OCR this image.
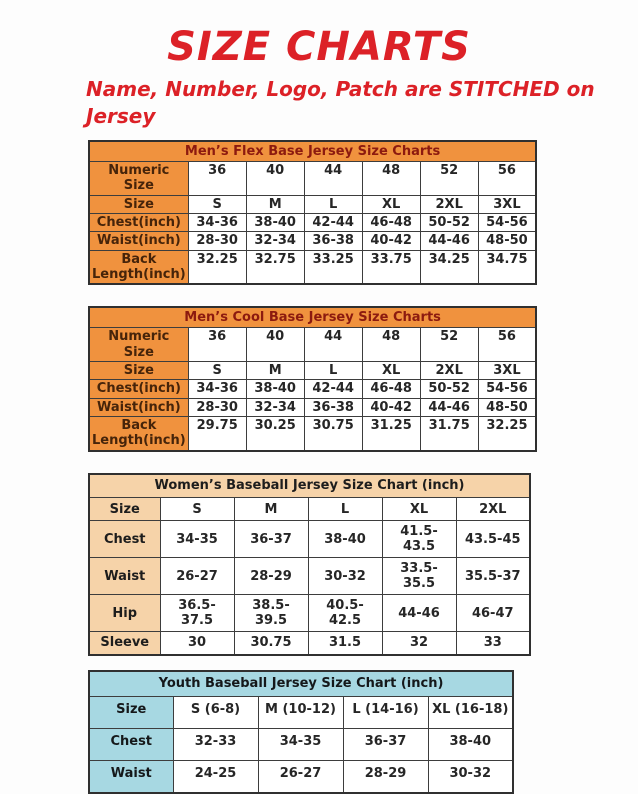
SIZE CHARTS
Name, Number, Logo, Patch are STITCHED on Jersey
Men’s Flex Base Jersey Size Charts						
Numeric Size	36	40	44	48	52	56
Size	S	M	L	XL	2XL	3XL
Chest(inch)	34-36	38-40	42-44	46-48	50-52	54-56
Waist(inch)	28-30	32-34	36-38	40-42	44-46	48-50
Back Length(inch)	32.25	32.75	33.25	33.75	34.25	34.75
Men’s Cool Base Jersey Size Charts						
Numeric Size	36	40	44	48	52	56
Size	S	M	L	XL	2XL	3XL
Chest(inch)	34-36	38-40	42-44	46-48	50-52	54-56
Waist(inch)	28-30	32-34	36-38	40-42	44-46	48-50
Back Length(inch)	29.75	30.25	30.75	31.25	31.75	32.25
Women’s Baseball Jersey Size Chart (inch)					
Size	S	M	L	XL	2XL
Chest	34-35	36-37	38-40	41.5-43.5	43.5-45
Waist	26-27	28-29	30-32	33.5-35.5	35.5-37
Hip	36.5-37.5	38.5-39.5	40.5-42.5	44-46	46-47
Sleeve	30	30.75	31.5	32	33
Youth Baseball Jersey Size Chart (inch)				
Size	S (6-8)	M (10-12)	L (14-16)	XL (16-18)
Chest	32-33	34-35	36-37	38-40
Waist	24-25	26-27	28-29	30-32
